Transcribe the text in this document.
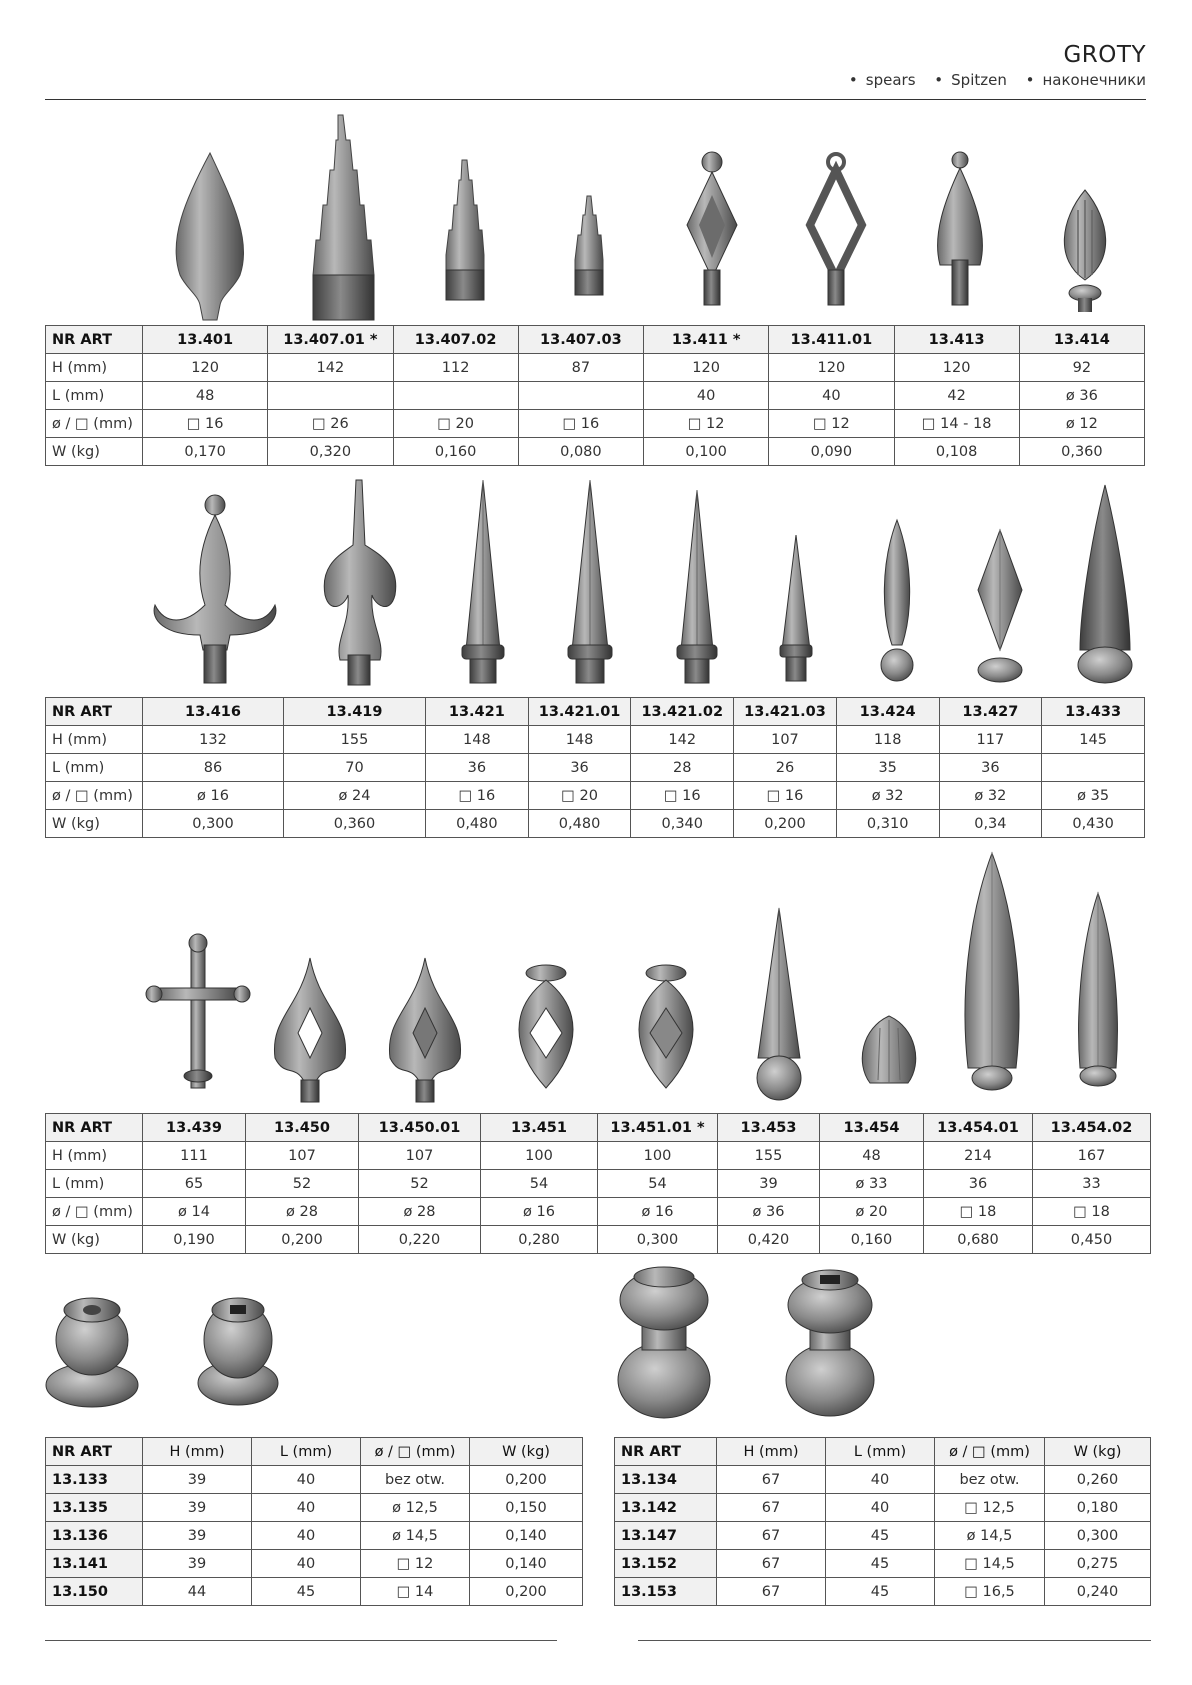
GROTY
• spears • Spitzen • наконечники
NR ART	13.401	13.407.01 *	13.407.02	13.407.03	13.411 *	13.411.01	13.413	13.414
H (mm)	120	142	112	87	120	120	120	92
L (mm)	48				40	40	42	ø 36
ø / □ (mm)	□ 16	□ 26	□ 20	□ 16	□ 12	□ 12	□ 14 - 18	ø 12
W (kg)	0,170	0,320	0,160	0,080	0,100	0,090	0,108	0,360
NR ART	13.416	13.419	13.421	13.421.01	13.421.02	13.421.03	13.424	13.427	13.433
H (mm)	132	155	148	148	142	107	118	117	145
L (mm)	86	70	36	36	28	26	35	36	
ø / □ (mm)	ø 16	ø 24	□ 16	□ 20	□ 16	□ 16	ø 32	ø 32	ø 35
W (kg)	0,300	0,360	0,480	0,480	0,340	0,200	0,310	0,34	0,430
NR ART	13.439	13.450	13.450.01	13.451	13.451.01 *	13.453	13.454	13.454.01	13.454.02
H (mm)	111	107	107	100	100	155	48	214	167
L (mm)	65	52	52	54	54	39	ø 33	36	33
ø / □ (mm)	ø 14	ø 28	ø 28	ø 16	ø 16	ø 36	ø 20	□ 18	□ 18
W (kg)	0,190	0,200	0,220	0,280	0,300	0,420	0,160	0,680	0,450
NR ART	H (mm)	L (mm)	ø / □ (mm)	W (kg)
13.133	39	40	bez otw.	0,200
13.135	39	40	ø 12,5	0,150
13.136	39	40	ø 14,5	0,140
13.141	39	40	□ 12	0,140
13.150	44	45	□ 14	0,200
NR ART	H (mm)	L (mm)	ø / □ (mm)	W (kg)
13.134	67	40	bez otw.	0,260
13.142	67	40	□ 12,5	0,180
13.147	67	45	ø 14,5	0,300
13.152	67	45	□ 14,5	0,275
13.153	67	45	□ 16,5	0,240
